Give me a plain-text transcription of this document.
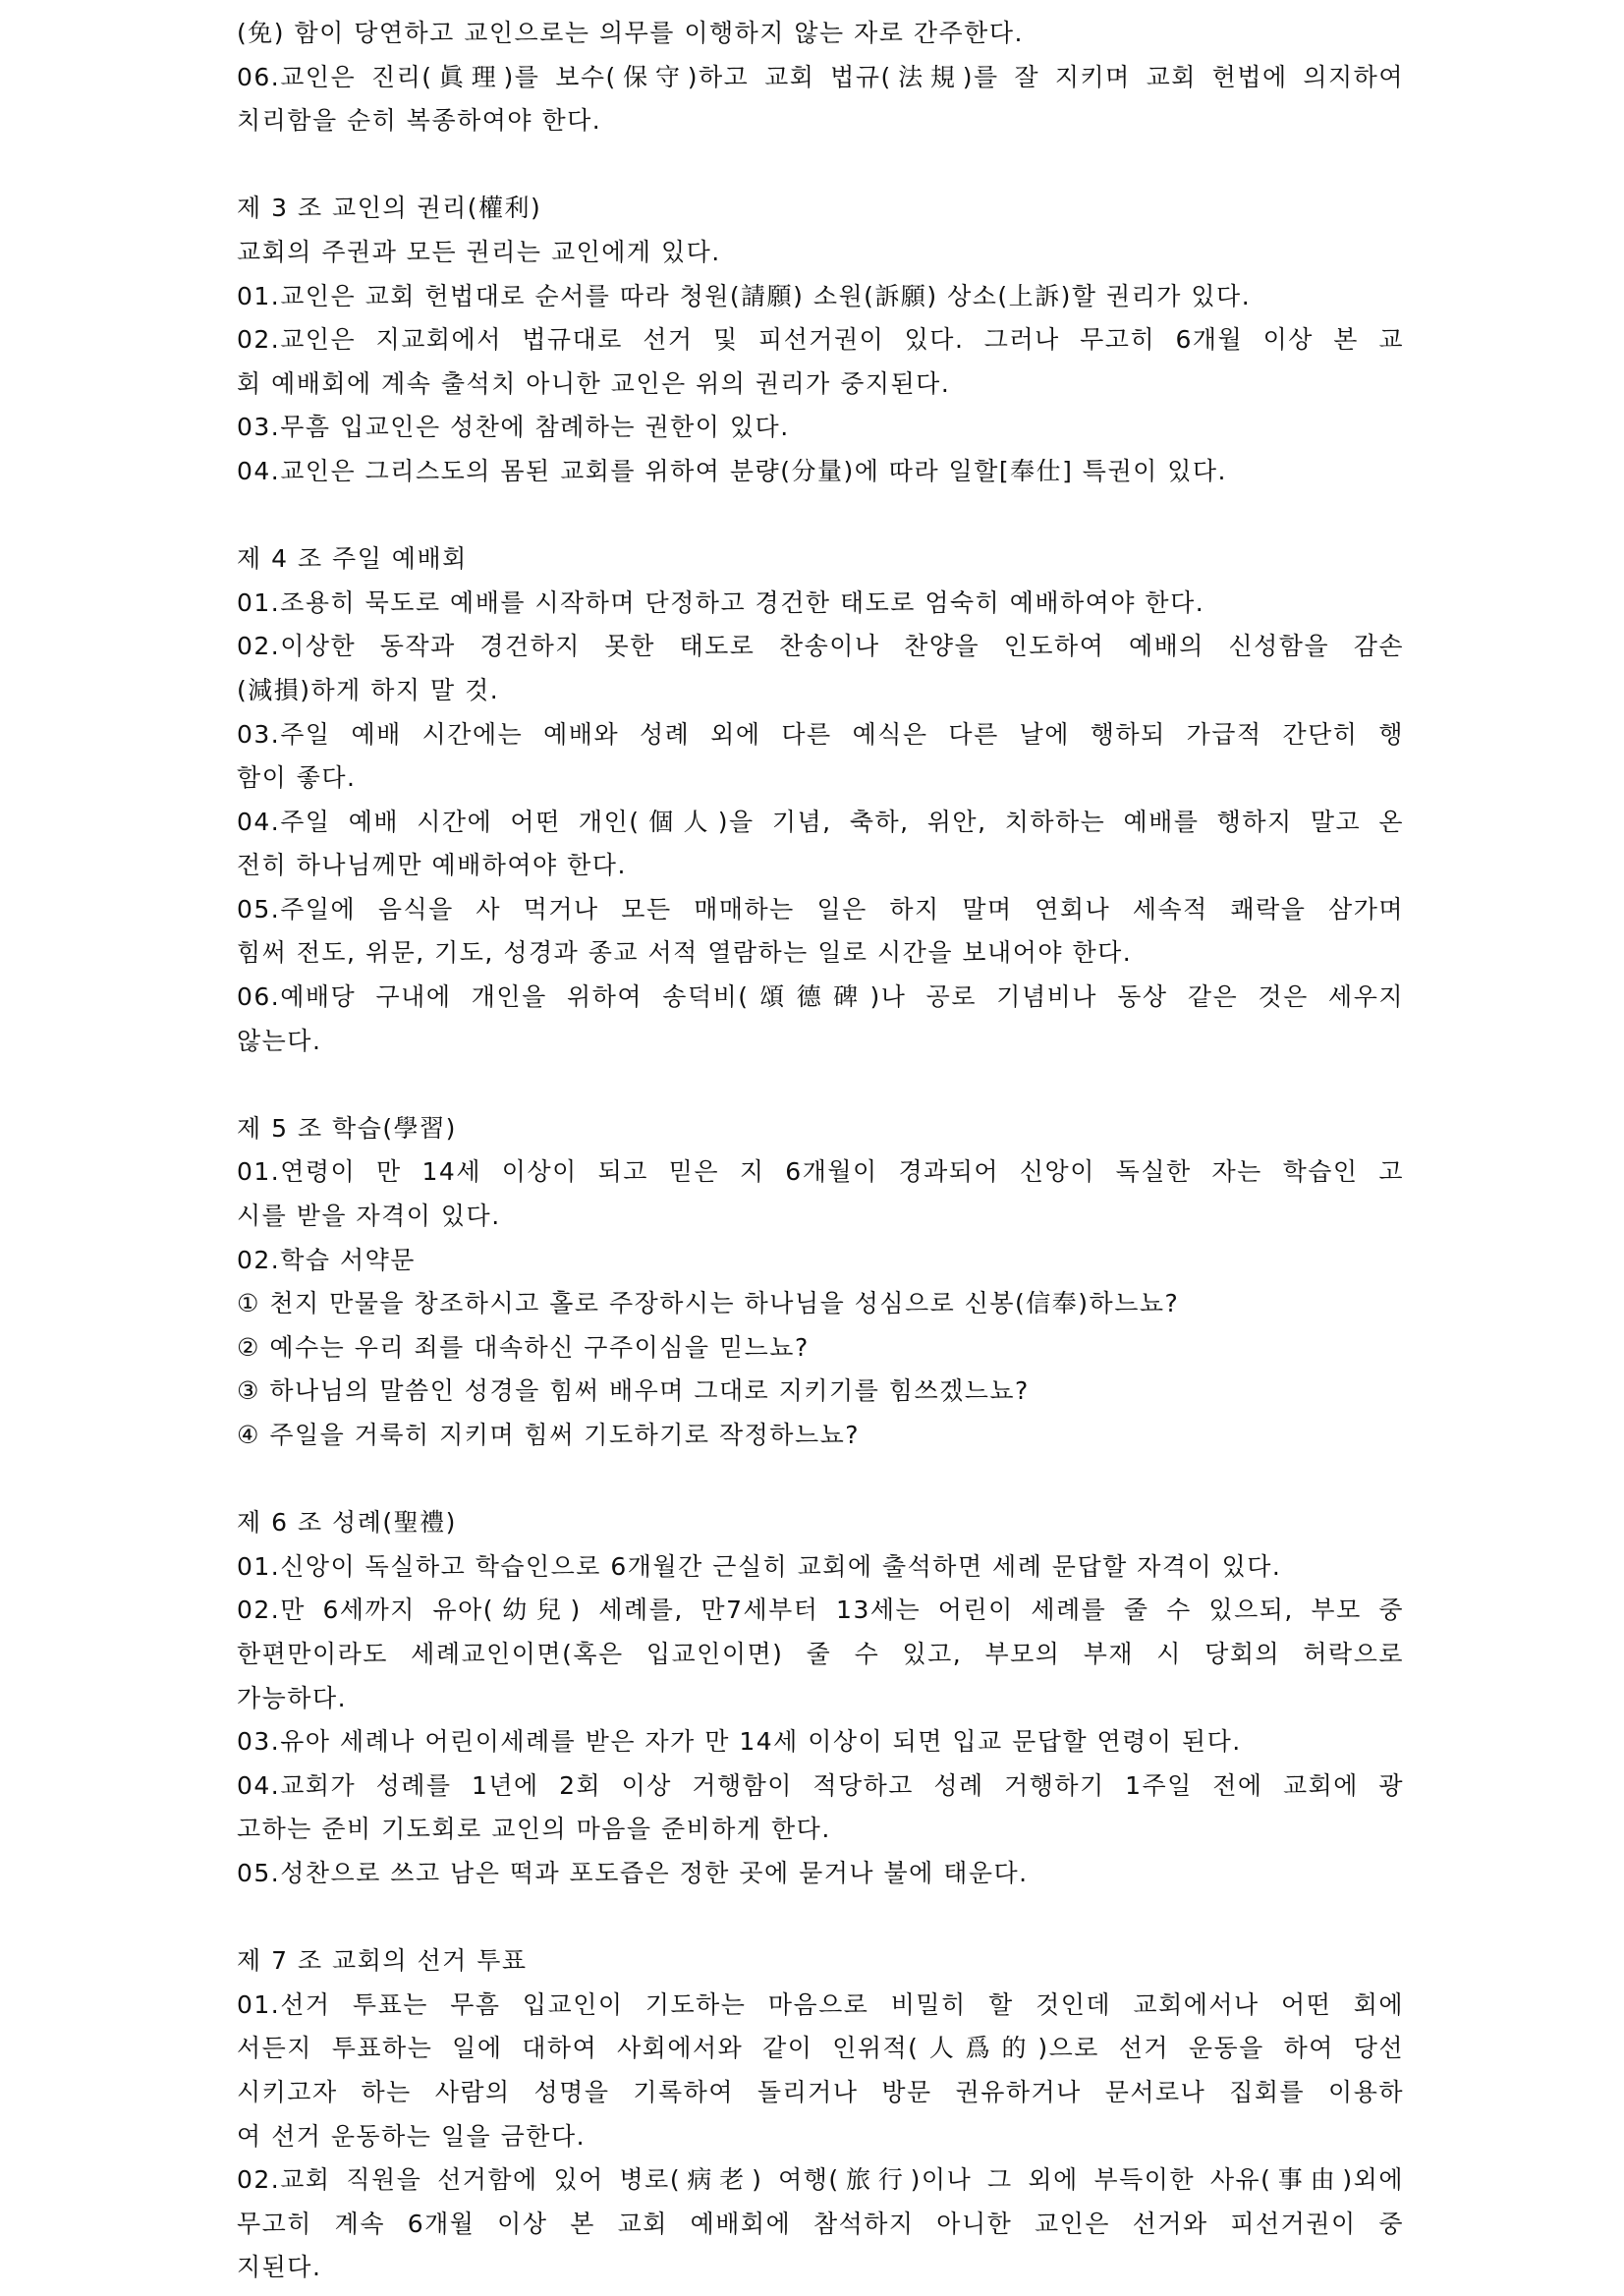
(免) 함이 당연하고 교인으로는 의무를 이행하지 않는 자로 간주한다.
06.교인은 진리(眞理)를 보수(保守)하고 교회 법규(法規)를 잘 지키며 교회 헌법에 의지하여
치리함을 순히 복종하여야 한다.
제 3 조 교인의 권리(權利)
교회의 주권과 모든 권리는 교인에게 있다.
01.교인은 교회 헌법대로 순서를 따라 청원(請願) 소원(訴願) 상소(上訴)할 권리가 있다.
02.교인은 지교회에서 법규대로 선거 및 피선거권이 있다. 그러나 무고히 6개월 이상 본 교
회 예배회에 계속 출석치 아니한 교인은 위의 권리가 중지된다.
03.무흠 입교인은 성찬에 참례하는 권한이 있다.
04.교인은 그리스도의 몸된 교회를 위하여 분량(分量)에 따라 일할[奉仕] 특권이 있다.
제 4 조 주일 예배회
01.조용히 묵도로 예배를 시작하며 단정하고 경건한 태도로 엄숙히 예배하여야 한다.
02.이상한 동작과 경건하지 못한 태도로 찬송이나 찬양을 인도하여 예배의 신성함을 감손
(減損)하게 하지 말 것.
03.주일 예배 시간에는 예배와 성례 외에 다른 예식은 다른 날에 행하되 가급적 간단히 행
함이 좋다.
04.주일 예배 시간에 어떤 개인(個人)을 기념, 축하, 위안, 치하하는 예배를 행하지 말고 온
전히 하나님께만 예배하여야 한다.
05.주일에 음식을 사 먹거나 모든 매매하는 일은 하지 말며 연회나 세속적 쾌락을 삼가며
힘써 전도, 위문, 기도, 성경과 종교 서적 열람하는 일로 시간을 보내어야 한다.
06.예배당 구내에 개인을 위하여 송덕비(頌德碑)나 공로 기념비나 동상 같은 것은 세우지
않는다.
제 5 조 학습(學習)
01.연령이 만 14세 이상이 되고 믿은 지 6개월이 경과되어 신앙이 독실한 자는 학습인 고
시를 받을 자격이 있다.
02.학습 서약문
① 천지 만물을 창조하시고 홀로 주장하시는 하나님을 성심으로 신봉(信奉)하느뇨?
② 예수는 우리 죄를 대속하신 구주이심을 믿느뇨?
③ 하나님의 말씀인 성경을 힘써 배우며 그대로 지키기를 힘쓰겠느뇨?
④ 주일을 거룩히 지키며 힘써 기도하기로 작정하느뇨?
제 6 조 성례(聖禮)
01.신앙이 독실하고 학습인으로 6개월간 근실히 교회에 출석하면 세례 문답할 자격이 있다.
02.만 6세까지 유아(幼兒) 세례를, 만7세부터 13세는 어린이 세례를 줄 수 있으되, 부모 중
한편만이라도 세례교인이면(혹은 입교인이면) 줄 수 있고, 부모의 부재 시 당회의 허락으로
가능하다.
03.유아 세례나 어린이세례를 받은 자가 만 14세 이상이 되면 입교 문답할 연령이 된다.
04.교회가 성례를 1년에 2회 이상 거행함이 적당하고 성례 거행하기 1주일 전에 교회에 광
고하는 준비 기도회로 교인의 마음을 준비하게 한다.
05.성찬으로 쓰고 남은 떡과 포도즙은 정한 곳에 묻거나 불에 태운다.
제 7 조 교회의 선거 투표
01.선거 투표는 무흠 입교인이 기도하는 마음으로 비밀히 할 것인데 교회에서나 어떤 회에
서든지 투표하는 일에 대하여 사회에서와 같이 인위적(人爲的)으로 선거 운동을 하여 당선
시키고자 하는 사람의 성명을 기록하여 돌리거나 방문 권유하거나 문서로나 집회를 이용하
여 선거 운동하는 일을 금한다.
02.교회 직원을 선거함에 있어 병로(病老) 여행(旅行)이나 그 외에 부득이한 사유(事由)외에
무고히 계속 6개월 이상 본 교회 예배회에 참석하지 아니한 교인은 선거와 피선거권이 중
지된다.
